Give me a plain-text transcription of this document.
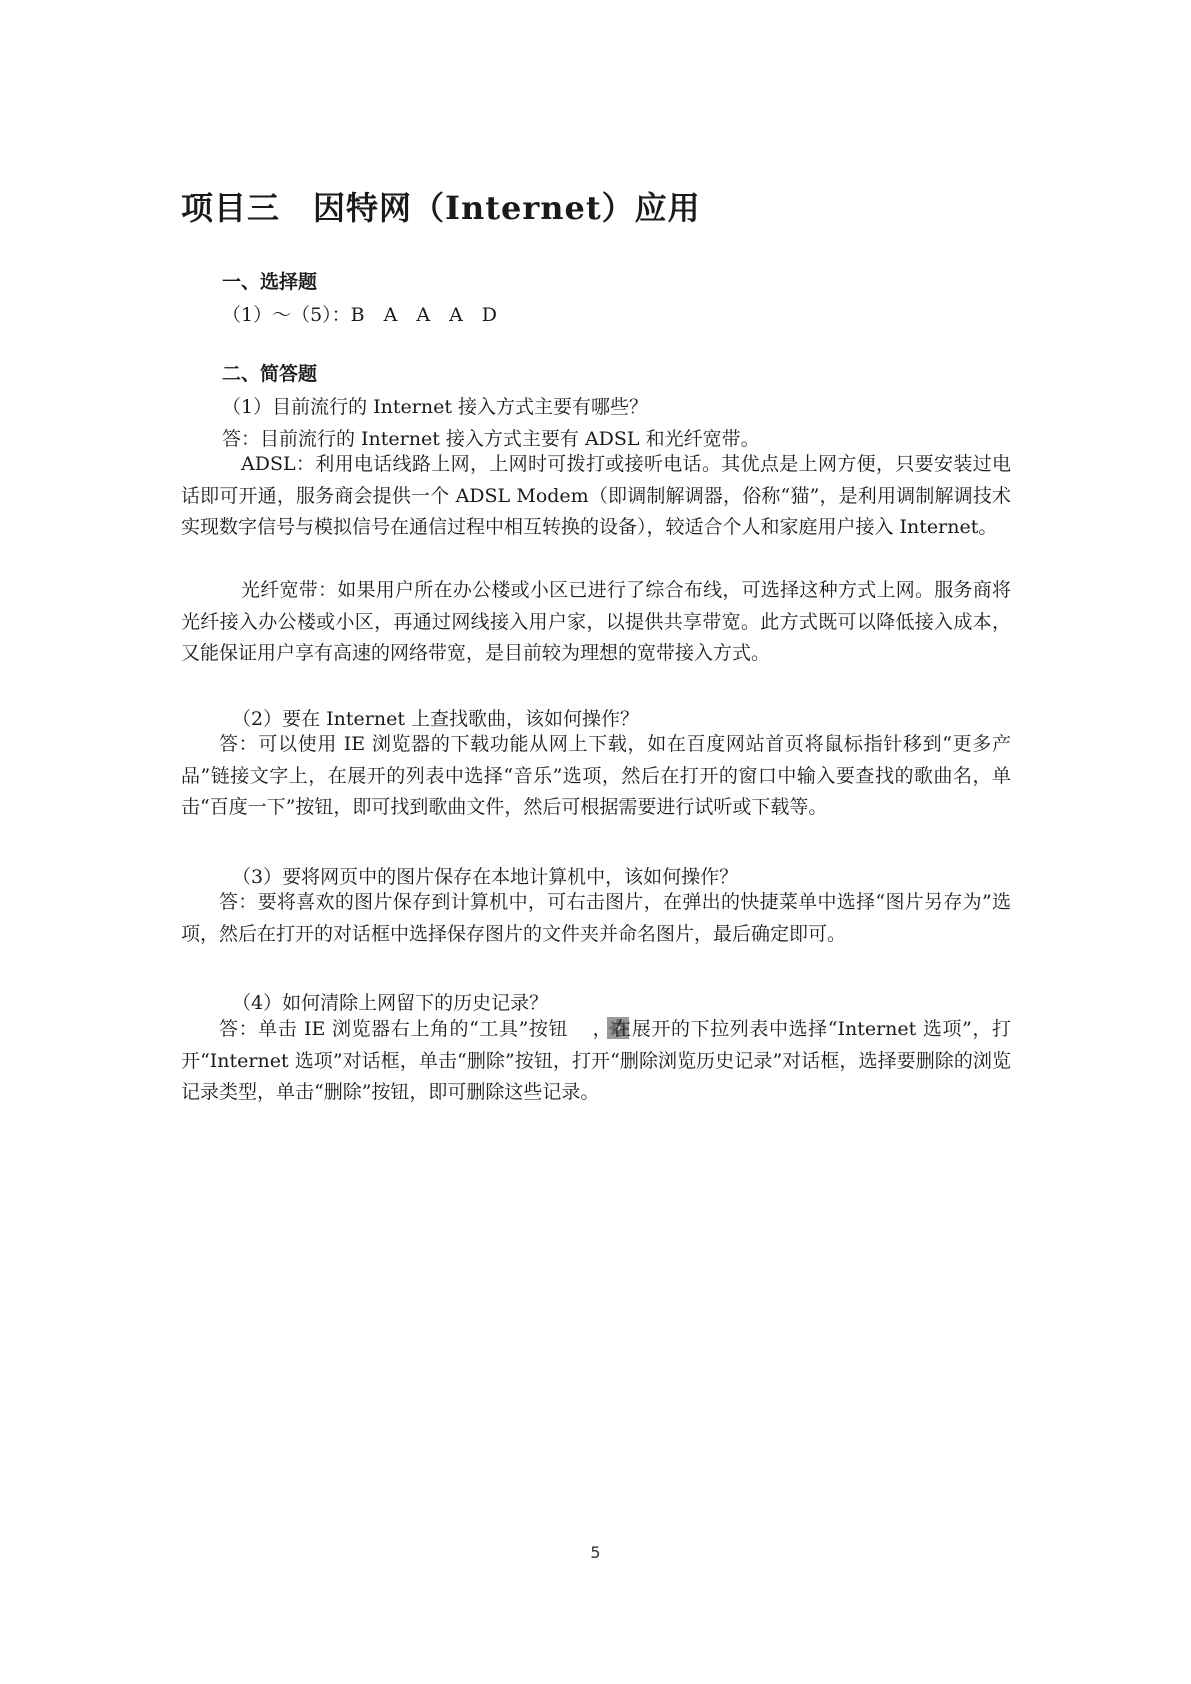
项目三　因特网（Internet）应用
一、选择题
（1）～（5）：B　A　A　A　D
二、简答题
（1）目前流行的 Internet 接入方式主要有哪些？
答：目前流行的 Internet 接入方式主要有 ADSL 和光纤宽带。

ADSL：利用电话线路上网，上网时可拨打或接听电话。其优点是上网方便，只要安装过电话即可开通，服务商会提供一个 ADSL Modem（即调制解调器，俗称“猫”，是利用调制解调技术实现数字信号与模拟信号在通信过程中相互转换的设备），较适合个人和家庭用户接入 Internet。

光纤宽带：如果用户所在办公楼或小区已进行了综合布线，可选择这种方式上网。服务商将光纤接入办公楼或小区，再通过网线接入用户家，以提供共享带宽。此方式既可以降低接入成本，又能保证用户享有高速的网络带宽，是目前较为理想的宽带接入方式。

（2）要在 Internet 上查找歌曲，该如何操作？

答：可以使用 IE 浏览器的下载功能从网上下载，如在百度网站首页将鼠标指针移到“更多产品”链接文字上，在展开的列表中选择“音乐”选项，然后在打开的窗口中输入要查找的歌曲名，单击“百度一下”按钮，即可找到歌曲文件，然后可根据需要进行试听或下载等。

（3）要将网页中的图片保存在本地计算机中，该如何操作？

答：要将喜欢的图片保存到计算机中，可右击图片，在弹出的快捷菜单中选择“图片另存为”选项，然后在打开的对话框中选择保存图片的文件夹并命名图片，最后确定即可。

（4）如何清除上网留下的历史记录？

答：单击 IE 浏览器右上角的“工具”按钮 ，在展开的下拉列表中选择“Internet 选项”，打开“Internet 选项”对话框，单击“删除”按钮，打开“删除浏览历史记录”对话框，选择要删除的浏览记录类型，单击“删除”按钮，即可删除这些记录。

5
